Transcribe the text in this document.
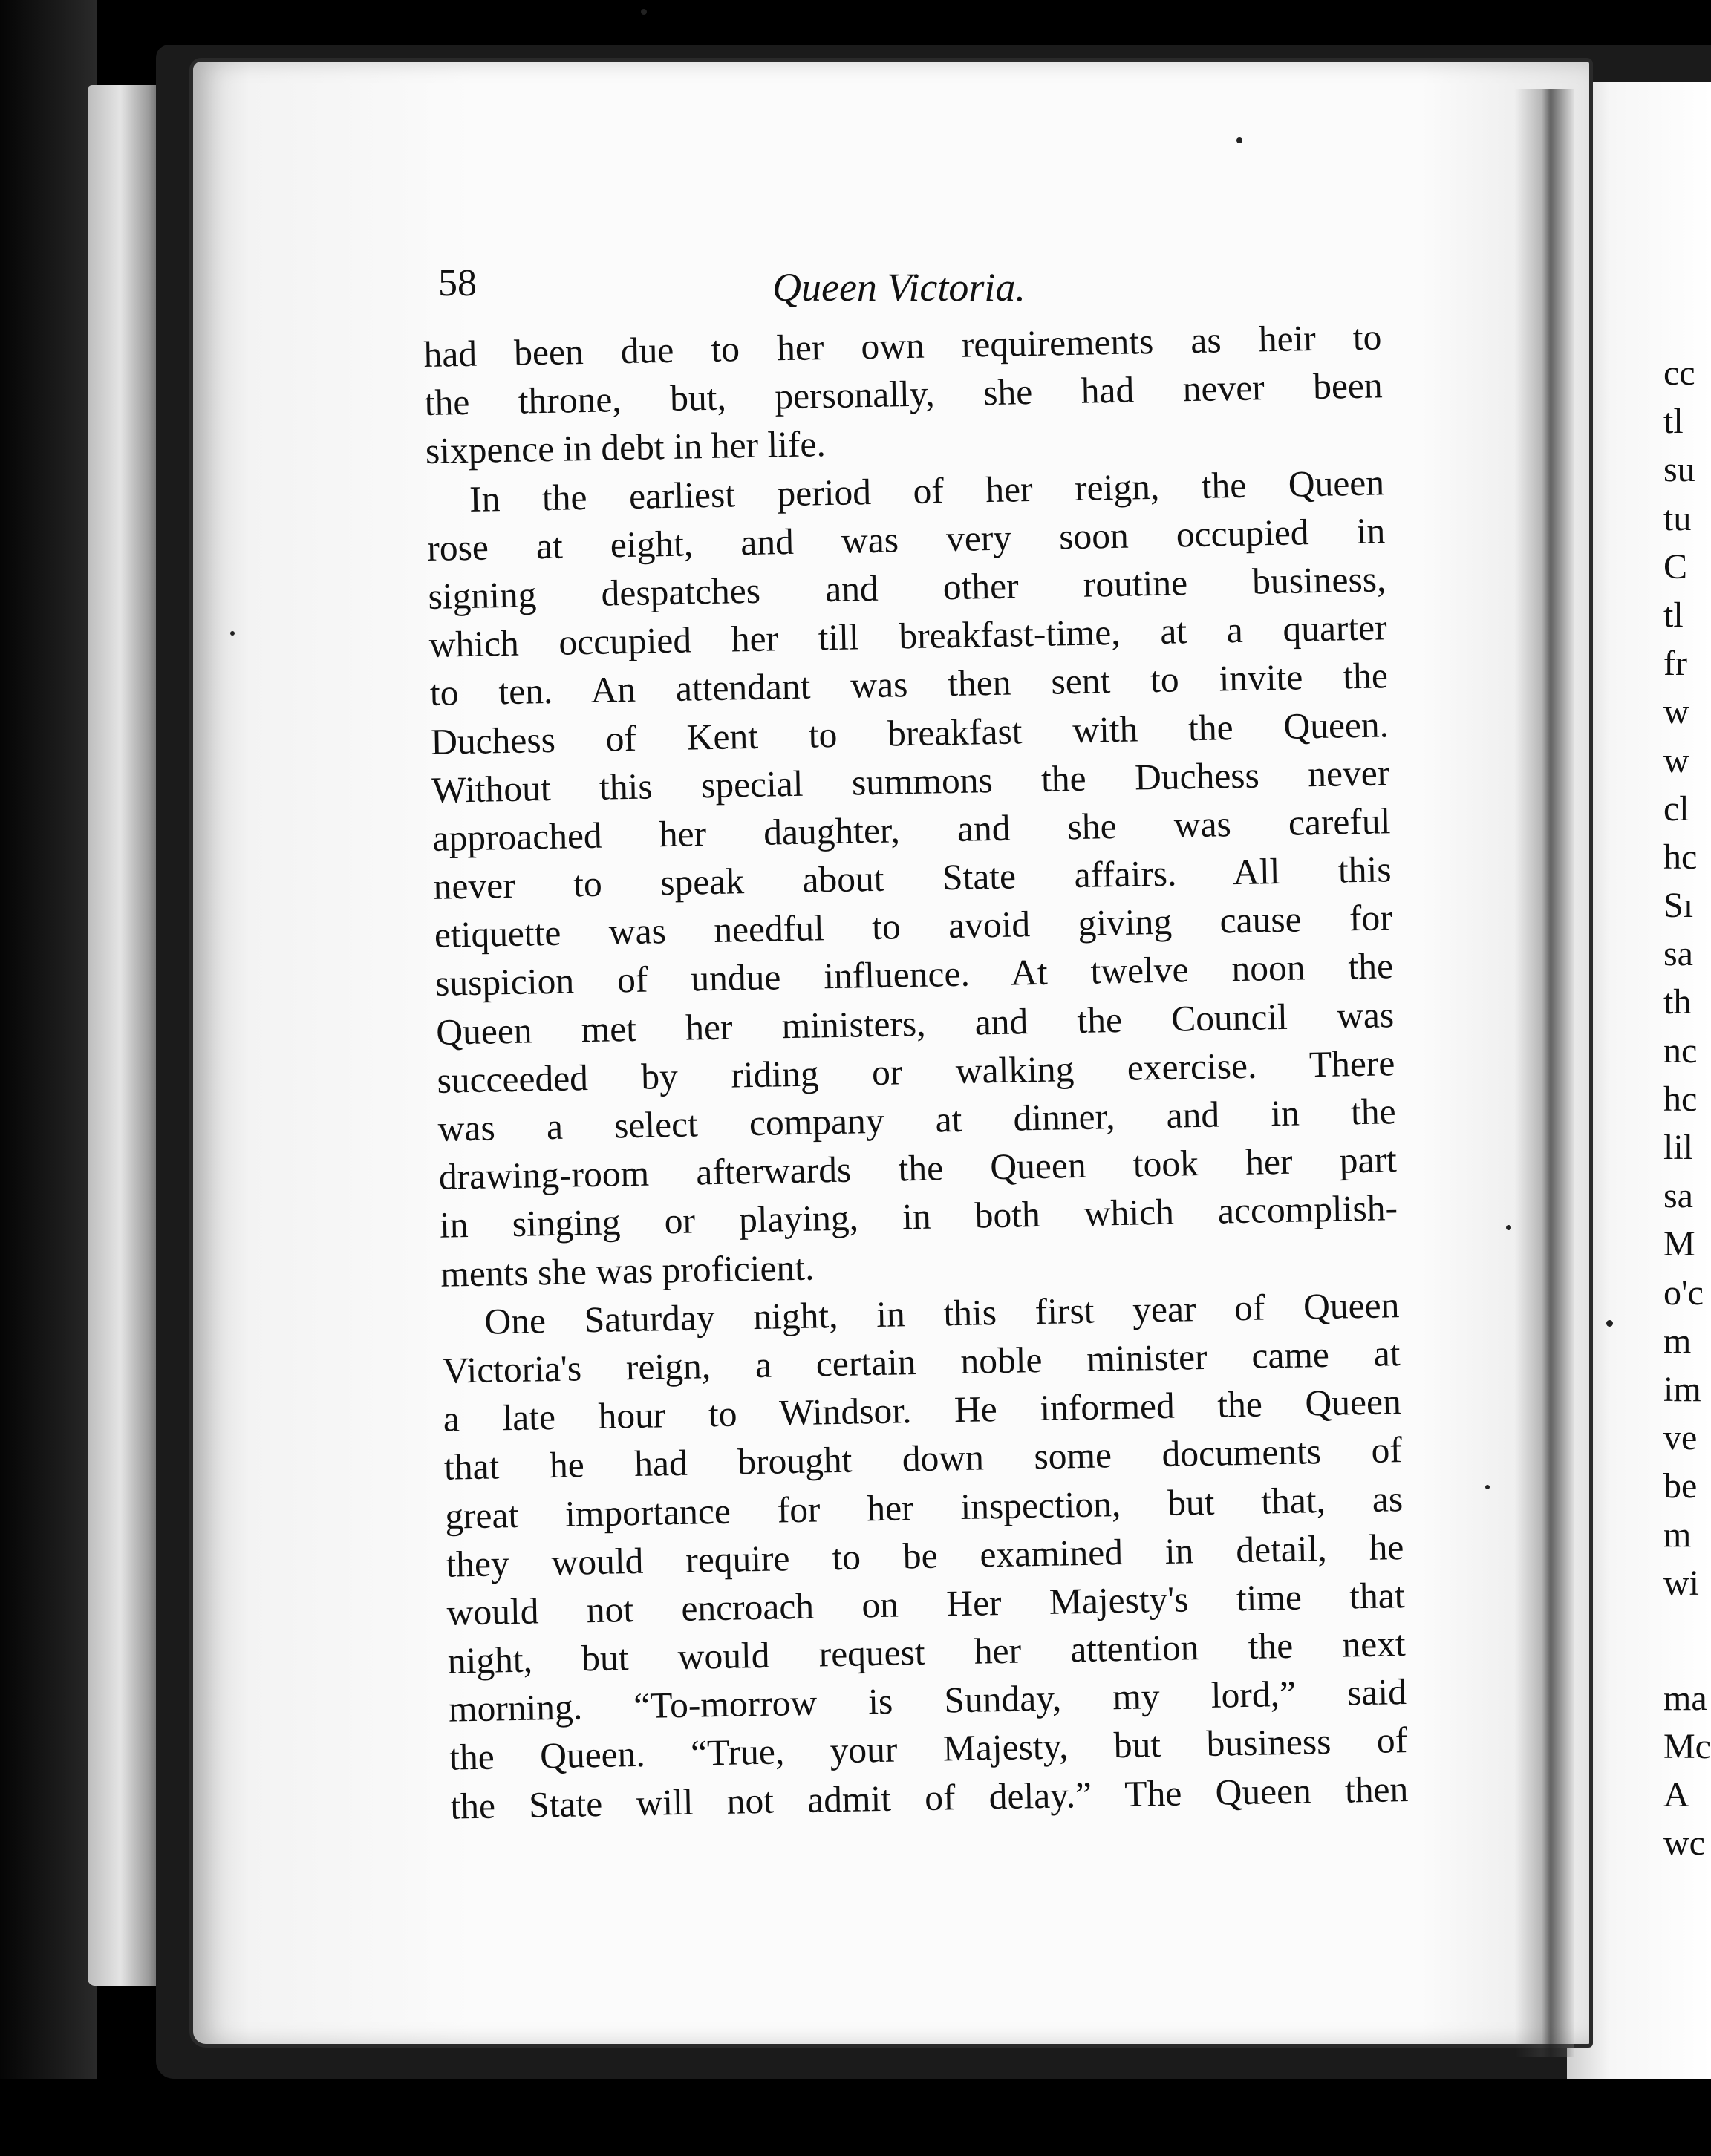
58	Queen Victoria.
had been due to her own requirements as heir to
the throne, but, personally, she had never been
sixpence in debt in her life.
In the earliest period of her reign, the Queen
rose at eight, and was very soon occupied in
signing despatches and other routine business,
which occupied her till breakfast-time, at a quarter
to ten. An attendant was then sent to invite the
Duchess of Kent to breakfast with the Queen.
Without this special summons the Duchess never
approached her daughter, and she was careful
never to speak about State affairs. All this
etiquette was needful to avoid giving cause for
suspicion of undue influence. At twelve noon the
Queen met her ministers, and the Council was
succeeded by riding or walking exercise. There
was a select company at dinner, and in the
drawing-room afterwards the Queen took her part
in singing or playing, in both which accomplish-
ments she was proficient.
One Saturday night, in this first year of Queen
Victoria's reign, a certain noble minister came at
a late hour to Windsor. He informed the Queen
that he had brought down some documents of
great importance for her inspection, but that, as
they would require to be examined in detail, he
would not encroach on Her Majesty's time that
night, but would request her attention the next
morning. “To-morrow is Sunday, my lord,” said
the Queen. “True, your Majesty, but business of
the State will not admit of delay.” The Queen then
cc
tl
su
tu
C
tl
fr
w
w
cl
hc
Sı
sa
th
nc
hc
lil
sa
M
o'c
m
im
ve
be
m
wi
ma
Mc
A
wc
